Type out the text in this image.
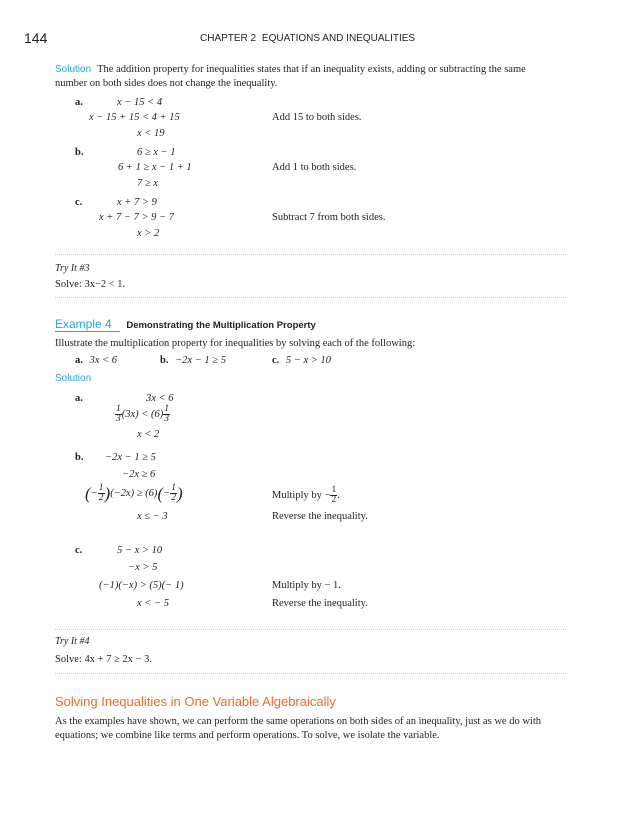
144	CHAPTER 2 EQUATIONS AND INEQUALITIES
Solution The addition property for inequalities states that if an inequality exists, adding or subtracting the same
number on both sides does not change the inequality.
a.	x − 15 < 4
x − 15 + 15 < 4 + 15
x < 19
Add 15 to both sides.
b.	6 ≥ x − 1
6 + 1 ≥ x − 1 + 1
7 ≥ x
Add 1 to both sides.
c.	x + 7 > 9
x + 7 − 7 > 9 − 7
x > 2
Subtract 7 from both sides.
Try It #3
Solve: 3x−2 < 1.
Example 4 Demonstrating the Multiplication Property
Illustrate the multiplication property for inequalities by solving each of the following:
a. 3x < 6	b. −2x − 1 ≥ 5	c. 5 − x > 10
Solution
a.	3x < 6
$\frac{1}{3} (3x) < (6) \frac{1}{3}$
x < 2
b. −2x − 1 ≥ 5
−2x ≥ 6
(− $\frac{1}{2} )(-2x) \ge (6)(- \frac{1}{2}$ )	Multiply by − $\frac{1}{2}$ .
x ≤ − 3	Reverse the inequality.
c.	5 − x > 10
−x > 5
(−1)(−x) > (5)(− 1)	Multiply by − 1.
x < − 5	Reverse the inequality.
Try It #4
Solve: 4x + 7 ≥ 2x − 3.
Solving Inequalities in One Variable Algebraically
As the examples have shown, we can perform the same operations on both sides of an inequality, just as we do with
equations; we combine like terms and perform operations. To solve, we isolate the variable.
